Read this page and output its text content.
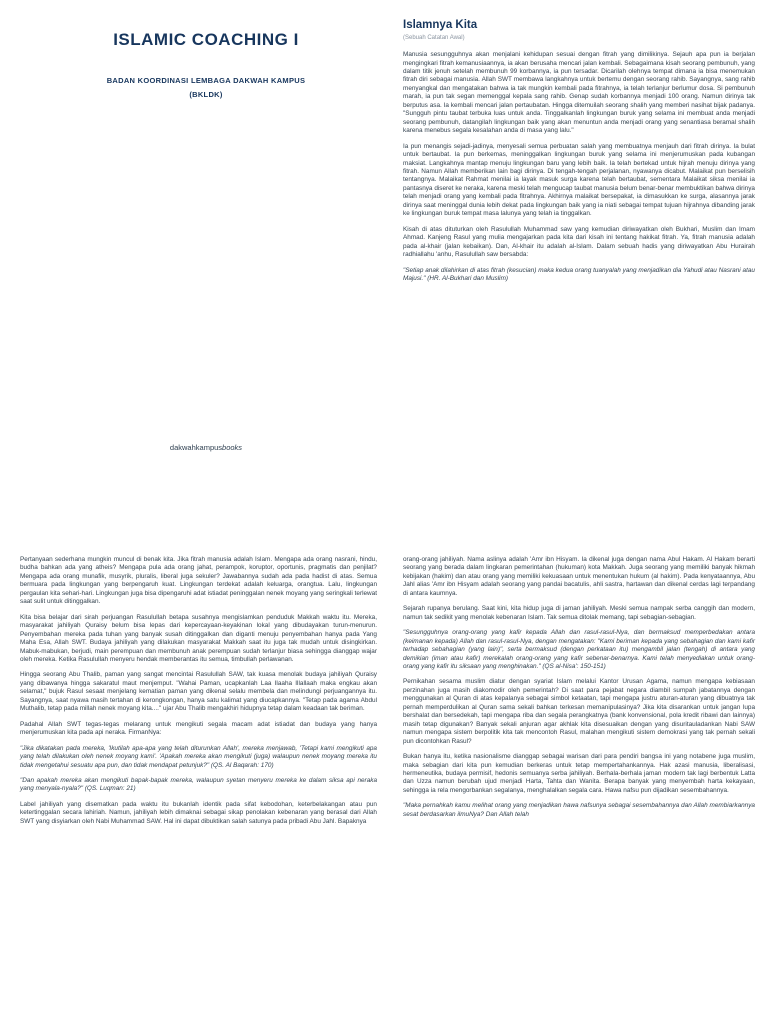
ISLAMIC COACHING I
BADAN KOORDINASI LEMBAGA DAKWAH KAMPUS
(BKLDK)
dakwahkampusbooks
Islamnya Kita
(Sebuah Catatan Awal)

Manusia sesungguhnya akan menjalani kehidupan sesuai dengan fitrah yang dimilikinya. Sejauh apa pun ia berjalan mengingkari fitrah kemanusiaannya, ia akan berusaha mencari jalan kembali. Sebagaimana kisah seorang pembunuh, yang dalam titik jenuh setelah membunuh 99 korbannya, ia pun tersadar. Dicarilah olehnya tempat dimana ia bisa menemukan fitrah diri sebagai manusia. Allah SWT membawa langkahnya untuk bertemu dengan seorang rahib. Sayangnya, sang rahib menyangkal dan mengatakan bahwa ia tak mungkin kembali pada fitrahnya, ia telah terlanjur berlumur dosa. Si pembunuh marah, ia pun tak segan memenggal kepala sang rahib. Genap sudah korbannya menjadi 100 orang. Namun dirinya tak berputus asa. Ia kembali mencari jalan pertaubatan. Hingga ditemuilah seorang shalih yang memberi nasihat bijak padanya. "Sungguh pintu taubat terbuka luas untuk anda. Tinggalkanlah lingkungan buruk yang selama ini membuat anda menjadi seorang pembunuh, datangilah lingkungan baik yang akan menuntun anda menjadi orang yang senantiasa beramal shalih karena menebus segala kesalahan anda di masa yang lalu."

Ia pun menangis sejadi-jadinya, menyesali semua perbuatan salah yang membuatnya menjauh dari fitrah dirinya. Ia bulat untuk bertaubat. Ia pun berkemas, meninggalkan lingkungan buruk yang selama ini menjerumuskan pada kubangan maksiat. Langkahnya mantap menuju lingkungan baru yang lebih baik. Ia telah bertekad untuk hijrah menuju dirinya yang fitrah. Namun Allah memberikan lain bagi dirinya. Di tengah-tengah perjalanan, nyawanya dicabut. Malaikat pun berselisih tentangnya. Malaikat Rahmat menilai ia layak masuk surga karena telah bertaubat, sementara Malaikat siksa menilai ia pantasnya diseret ke neraka, karena meski telah mengucap taubat manusia belum benar-benar membuktikan bahwa dirinya telah menjadi orang yang kembali pada fitrahnya. Akhirnya malaikat bersepakat, ia dimasukkan ke surga, alasannya jarak dirinya saat meninggal dunia lebih dekat pada lingkungan baik yang ia niati sebagai tempat tujuan hijrahnya dibanding jarak ke lingkungan buruk tempat masa lalunya yang telah ia tinggalkan.

Kisah di atas dituturkan oleh Rasulullah Muhammad saw yang kemudian diriwayatkan oleh Bukhari, Muslim dan Imam Ahmad. Kanjeng Rasul yang mulia mengajarkan pada kita dari kisah ini tentang hakikat fitrah. Ya, fitrah manusia adalah pada al-khair (jalan kebaikan). Dan, Al-khair itu adalah al-Islam. Dalam sebuah hadis yang diriwayatkan Abu Hurairah radhiallahu 'anhu, Rasulullah saw bersabda:

"Setiap anak dilahirkan di atas fitrah (kesucian) maka kedua orang tuanyalah yang menjadikan dia Yahudi atau Nasrani atau Majusi." (HR. Al-Bukhari dan Muslim)

Pertanyaan sederhana mungkin muncul di benak kita. Jika fitrah manusia adalah Islam. Mengapa ada orang nasrani, hindu, budha bahkan ada yang atheis? Mengapa pula ada orang jahat, perampok, koruptor, oportunis, pragmatis dan penjilat? Mengapa ada orang munafik, musyrik, pluralis, liberal juga sekuler? Jawabannya sudah ada pada hadist di atas. Semua bermuara pada lingkungan yang berpengaruh kuat. Lingkungan terdekat adalah keluarga, orangtua. Lalu, lingkungan pergaulan kita sehari-hari. Lingkungan juga bisa dipengaruhi adat istiadat peninggalan nenek moyang yang seringkali terlewat saat sulit untuk ditinggalkan.

Kita bisa belajar dari sirah perjuangan Rasulullah betapa susahnya mengislamkan penduduk Makkah waktu itu. Mereka, masyarakat jahiliyah Quraisy belum bisa lepas dari kepercayaan-keyakinan lokal yang dibudayakan turun-menurun. Penyembahan mereka pada tuhan yang banyak susah ditinggalkan dan diganti menuju penyembahan hanya pada Yang Maha Esa, Allah SWT. Budaya jahiliyah yang dilakukan masyarakat Makkah saat itu juga tak mudah untuk disingkirkan. Mabuk-mabukan, berjudi, main perempuan dan membunuh anak perempuan sudah terlanjur biasa sehingga dianggap wajar oleh mereka. Ketika Rasulullah menyeru hendak memberantas itu semua, timbullah perlawanan.

Hingga seorang Abu Thalib, paman yang sangat mencintai Rasulullah SAW, tak kuasa menolak budaya jahiliyah Quraisy yang dibawanya hingga sakaratul maut menjemput. "Wahai Paman, ucapkanlah Laa Ilaaha Illallaah maka engkau akan selamat," bujuk Rasul sesaat menjelang kematian paman yang dikenal selalu membela dan melindungi perjuangannya itu. Sayangnya, saat nyawa masih tertahan di kerongkongan, hanya satu kalimat yang diucapkannya. "Tetap pada agama Abdul Muthalib, tetap pada millah nenek moyang kita...." ujar Abu Thalib mengakhiri hidupnya tetap dalam keadaan tak beriman.

Padahal Allah SWT tegas-tegas melarang untuk mengikuti segala macam adat istiadat dan budaya yang hanya menjerumuskan kita pada api neraka. FirmanNya:

"Jika dikatakan pada mereka, 'Ikutilah apa-apa yang telah diturunkan Allah', mereka menjawab, 'Tetapi kami mengikuti apa yang telah dilakukan oleh nenek moyang kami'. 'Apakah mereka akan mengikuti (juga) walaupun nenek moyang mereka itu tidak mengetahui sesuatu apa pun, dan tidak mendapat petunjuk?" (QS. Al Baqarah: 170)

"Dan apakah mereka akan mengikuti bapak-bapak mereka, walaupun syetan menyeru mereka ke dalam siksa api neraka yang menyala-nyala?" (QS. Luqman: 21)

Label jahiliyah yang disematkan pada waktu itu bukanlah identik pada sifat kebodohan, keterbelakangan atau pun ketertinggalan secara lahiriah. Namun, jahiliyah lebih dimaknai sebagai sikap penolakan kebenaran yang berasal dari Allah SWT yang disyiarkan oleh Nabi Muhammad SAW. Hal ini dapat dibuktikan salah satunya pada pribadi Abu Jahl. Bapaknya

orang-orang jahiliyah. Nama aslinya adalah 'Amr ibn Hisyam. Ia dikenal juga dengan nama Abul Hakam. Al Hakam berarti seorang yang berada dalam lingkaran pemerintahan (hukuman) kota Makkah. Juga seorang yang memiliki banyak hikmah kebijakan (hakim) dan atau orang yang memiliki kekuasaan untuk menentukan hukum (al hakim). Pada kenyataannya, Abu Jahl alias 'Amr ibn Hisyam adalah seorang yang pandai bacatulis, ahli sastra, hartawan dan dikenal cerdas lagi terpandang di antara kaumnya.

Sejarah rupanya berulang. Saat kini, kita hidup juga di jaman jahiliyah. Meski semua nampak serba canggih dan modern, namun tak sedikit yang menolak kebenaran Islam. Tak semua ditolak memang, tapi sebagian-sebagian.

"Sesungguhnya orang-orang yang kafir kepada Allah dan rasul-rasul-Nya, dan bermaksud memperbedakan antara (keimanan kepada) Allah dan rasul-rasul-Nya, dengan mengatakan: "Kami beriman kepada yang sebahagian dan kami kafir terhadap sebahagian (yang lain)", serta bermaksud (dengan perkataan itu) mengambil jalan (tengah) di antara yang demikian (iman atau kafir) merekalah orang-orang yang kafir sebenar-benarnya. Kami telah menyediakan untuk orang-orang yang kafir itu siksaan yang menghinakan." (QS al-Nisa': 150-151)

Pernikahan sesama muslim diatur dengan syariat Islam melalui Kantor Urusan Agama, namun mengapa kebiasaan perzinahan juga masih diakomodir oleh pemerintah? Di saat para pejabat negara diambil sumpah jabatannya dengan menggunakan al Quran di atas kepalanya sebagai simbol ketaatan, tapi mengapa justru aturan-aturan yang dibuatnya tak pernah memperdulikan al Quran sama sekali bahkan terkesan memanipulasinya? Jika kita disarankan untuk jangan lupa bershalat dan bersedekah, tapi mengapa riba dan segala perangkatnya (bank konvensional, pola kredit ribawi dan lainnya) masih tetap digunakan? Banyak sekali anjuran agar akhlak kita disesuaikan dengan yang disuritauladankan Nabi SAW namun mengapa sistem berpolitik kita tak mencontoh Rasul, malahan mengikuti sistem demokrasi yang tak pernah sekali pun dicontohkan Rasul?

Bukan hanya itu, ketika nasionalisme dianggap sebagai warisan dari para pendiri bangsa ini yang notabene juga muslim, maka sebagian dari kita pun kemudian berkeras untuk tetap mempertahankannya. Hak azasi manusia, liberalisasi, hermeneutika, budaya permisif, hedonis semuanya serba jahiliyah. Berhala-berhala jaman modern tak lagi berbentuk Latta dan Uzza namun berubah ujud menjadi Harta, Tahta dan Wanita. Berapa banyak yang menyembah harta kekayaan, sehingga ia rela mengorbankan segalanya, menghalalkan segala cara. Hawa nafsu pun dijadikan sesembahannya.

"Maka pernahkah kamu melihat orang yang menjadikan hawa nafsunya sebagai sesembahannya dan Allah membiarkannya sesat berdasarkan ilmuNya? Dan Allah telah
